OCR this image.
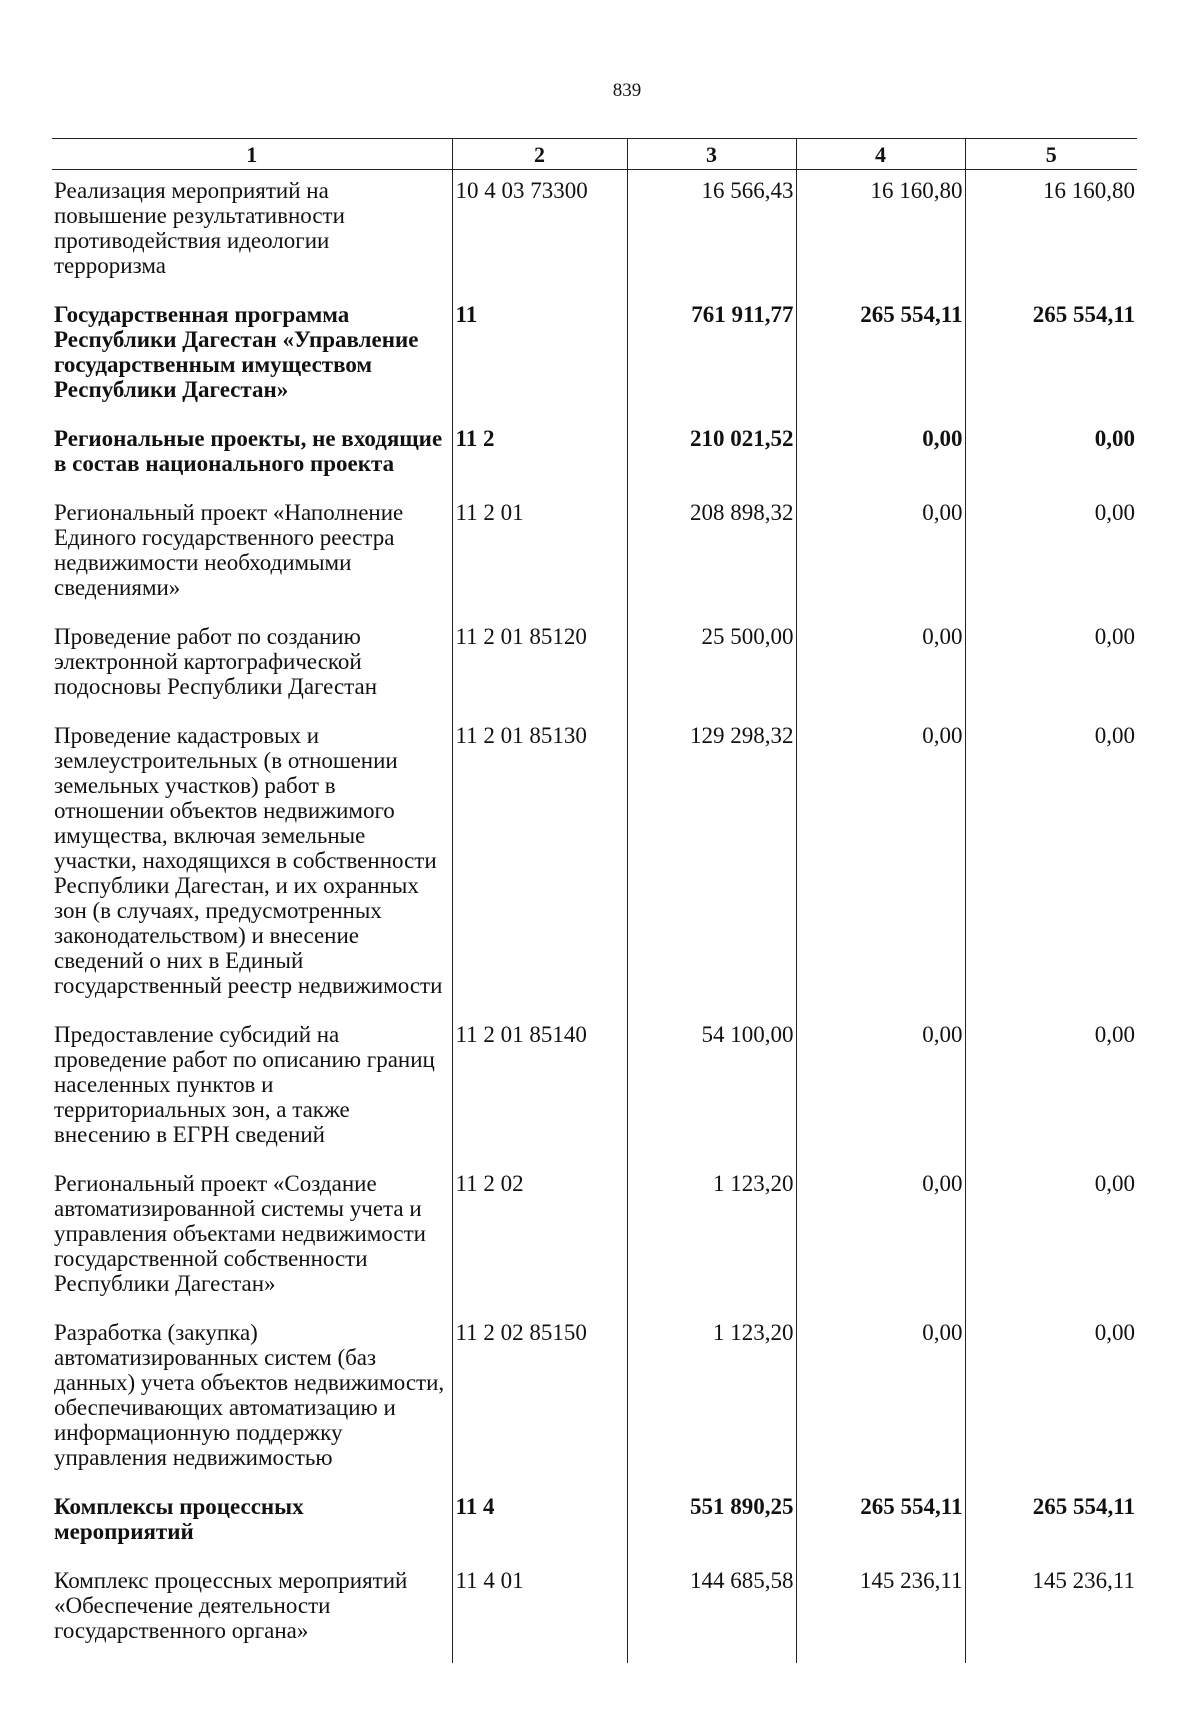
839
1	2	3	4	5
Реализация мероприятий на повышение результативности противодействия идеологии терроризма	10 4 03 73300	16 566,43	16 160,80	16 160,80
Государственная программа Республики Дагестан «Управление государственным имуществом Республики Дагестан»	11	761 911,77	265 554,11	265 554,11
Региональные проекты, не входящие в состав национального проекта	11 2	210 021,52	0,00	0,00
Региональный проект «Наполнение Единого государственного реестра недвижимости необходимыми сведениями»	11 2 01	208 898,32	0,00	0,00
Проведение работ по созданию электронной картографической подосновы Республики Дагестан	11 2 01 85120	25 500,00	0,00	0,00
Проведение кадастровых и землеустроительных (в отношении земельных участков) работ в отношении объектов недвижимого имущества, включая земельные участки, находящихся в собственности Республики Дагестан, и их охранных зон (в случаях, предусмотренных законодательством) и внесение сведений о них в Единый государственный реестр недвижимости	11 2 01 85130	129 298,32	0,00	0,00
Предоставление субсидий на проведение работ по описанию границ населенных пунктов и территориальных зон, а также внесению в ЕГРН сведений	11 2 01 85140	54 100,00	0,00	0,00
Региональный проект «Создание автоматизированной системы учета и управления объектами недвижимости государственной собственности Республики Дагестан»	11 2 02	1 123,20	0,00	0,00
Разработка (закупка) автоматизированных систем (баз данных) учета объектов недвижимости, обеспечивающих автоматизацию и информационную поддержку управления недвижимостью	11 2 02 85150	1 123,20	0,00	0,00
Комплексы процессных мероприятий	11 4	551 890,25	265 554,11	265 554,11
Комплекс процессных мероприятий «Обеспечение деятельности государственного органа»	11 4 01	144 685,58	145 236,11	145 236,11
